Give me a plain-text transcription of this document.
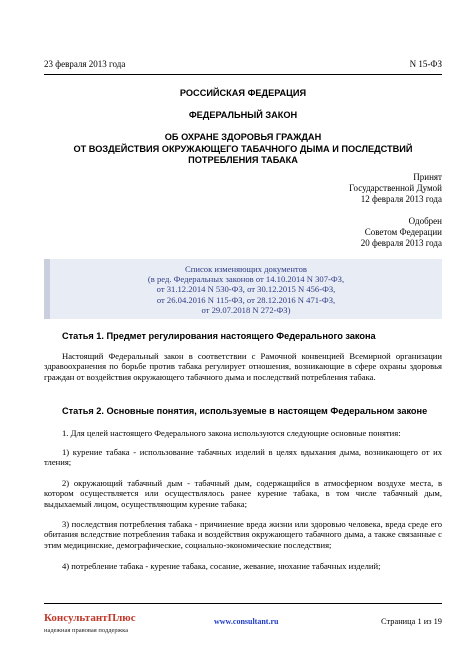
23 февраля 2013 года	N 15-ФЗ
РОССИЙСКАЯ ФЕДЕРАЦИЯ
ФЕДЕРАЛЬНЫЙ ЗАКОН
ОБ ОХРАНЕ ЗДОРОВЬЯ ГРАЖДАН
ОТ ВОЗДЕЙСТВИЯ ОКРУЖАЮЩЕГО ТАБАЧНОГО ДЫМА И ПОСЛЕДСТВИЙ
ПОТРЕБЛЕНИЯ ТАБАКА
Принят
Государственной Думой
12 февраля 2013 года
Одобрен
Советом Федерации
20 февраля 2013 года
Список изменяющих документов
(в ред. Федеральных законов от 14.10.2014 N 307-ФЗ,
от 31.12.2014 N 530-ФЗ, от 30.12.2015 N 456-ФЗ,
от 26.04.2016 N 115-ФЗ, от 28.12.2016 N 471-ФЗ,
от 29.07.2018 N 272-ФЗ)
Статья 1. Предмет регулирования настоящего Федерального закона
Настоящий Федеральный закон в соответствии с Рамочной конвенцией Всемирной организации здравоохранения по борьбе против табака регулирует отношения, возникающие в сфере охраны здоровья граждан от воздействия окружающего табачного дыма и последствий потребления табака.
Статья 2. Основные понятия, используемые в настоящем Федеральном законе
1. Для целей настоящего Федерального закона используются следующие основные понятия:
1) курение табака - использование табачных изделий в целях вдыхания дыма, возникающего от их тления;
2) окружающий табачный дым - табачный дым, содержащийся в атмосферном воздухе места, в котором осуществляется или осуществлялось ранее курение табака, в том числе табачный дым, выдыхаемый лицом, осуществляющим курение табака;
3) последствия потребления табака - причинение вреда жизни или здоровью человека, вреда среде его обитания вследствие потребления табака и воздействия окружающего табачного дыма, а также связанные с этим медицинские, демографические, социально-экономические последствия;
4) потребление табака - курение табака, сосание, жевание, нюхание табачных изделий;
КонсультантПлюс
надежная правовая поддержка
www.consultant.ru	Страница 1 из 19
